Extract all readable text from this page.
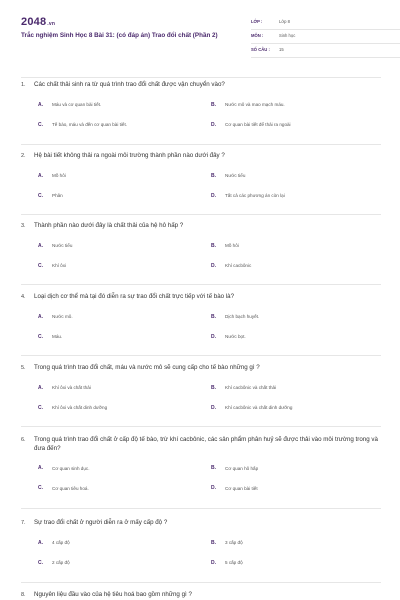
2048.vn
Trắc nghiệm Sinh Học 8 Bài 31: (có đáp án) Trao đổi chất (Phần 2)
LỚP :	Lớp 8
MÔN :	Sinh học
SỐ CÂU : 15
1. Các chất thải sinh ra từ quá trình trao đổi chất được vận chuyển vào?
A. Máu và cơ quan bài tiết.	B. Nước mô và mao mạch máu.
C. Tế bào, máu và đến cơ quan bài tiết.	D. Cơ quan bài tiết để thải ra ngoài
2. Hệ bài tiết không thải ra ngoài môi trường thành phần nào dưới đây ?
A. Mồ hôi	B. Nước tiểu
C. Phân	D. Tất cả các phương án còn lại
3. Thành phần nào dưới đây là chất thải của hệ hô hấp ?
A. Nước tiểu	B. Mồ hôi
C. Khí ôxi	D. Khí cacbônic
4. Loại dịch cơ thể mà tại đó diễn ra sự trao đổi chất trực tiếp với tế bào là?
A. Nước mô.	B. Dịch bạch huyết.
C. Máu.	D. Nước bọt.
5. Trong quá trình trao đổi chất, máu và nước mô sẽ cung cấp cho tế bào những gì ?
A. Khí ôxi và chất thải	B. Khí cacbônic và chất thải
C. Khí ôxi và chất dinh dưỡng	D. Khí cacbônic và chất dinh dưỡng
6. Trong quá trình trao đổi chất ở cấp độ tế bào, trừ khí cacbônic, các sản phẩm phân huỷ sẽ được thải vào môi trường trong và đưa đến?
A. Cơ quan sinh dục.	B. Cơ quan hô hấp
C. Cơ quan tiêu hoá.	D. Cơ quan bài tiết
7. Sự trao đổi chất ở người diễn ra ở mấy cấp độ ?
A. 4 cấp độ	B. 3 cấp độ
C. 2 cấp độ	D. 5 cấp độ
8. Nguyên liệu đầu vào của hệ tiêu hoá bao gồm những gì ?
